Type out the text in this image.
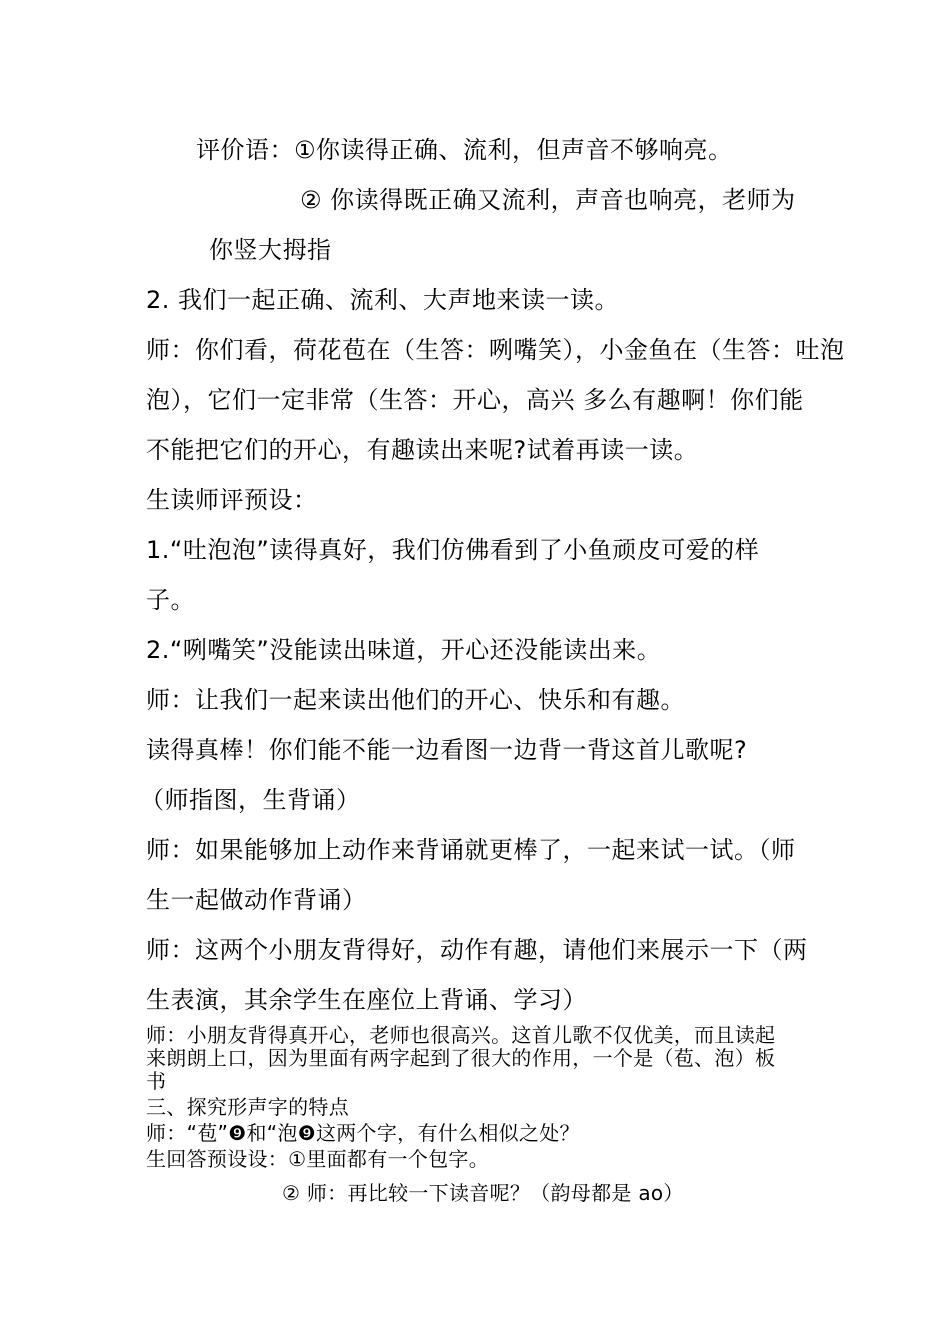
评价语：①你读得正确、流利，但声音不够响亮。
② 你读得既正确又流利，声音也响亮，老师为
你竖大拇指
2. 我们一起正确、流利、大声地来读一读。
师：你们看，荷花苞在（生答：咧嘴笑），小金鱼在（生答：吐泡
泡），它们一定非常（生答：开心，高兴 多么有趣啊！你们能
不能把它们的开心，有趣读出来呢?试着再读一读。
生读师评预设：
1.“吐泡泡”读得真好，我们仿佛看到了小鱼顽皮可爱的样
子。
2.“咧嘴笑”没能读出味道，开心还没能读出来。
师：让我们一起来读出他们的开心、快乐和有趣。
读得真棒！你们能不能一边看图一边背一背这首儿歌呢?
（师指图，生背诵）
师：如果能够加上动作来背诵就更棒了，一起来试一试。（师
生一起做动作背诵）
师：这两个小朋友背得好，动作有趣，请他们来展示一下（两
生表演，其余学生在座位上背诵、学习）
师：小朋友背得真开心，老师也很高兴。这首儿歌不仅优美，而且读起
来朗朗上口，因为里面有两字起到了很大的作用，一个是（苞、泡）板
书
三、探究形声字的特点
师：“苞”❾和“泡❾这两个字，有什么相似之处？
生回答预设设：①里面都有一个包字。
② 师：再比较一下读音呢？（韵母都是 ao）
